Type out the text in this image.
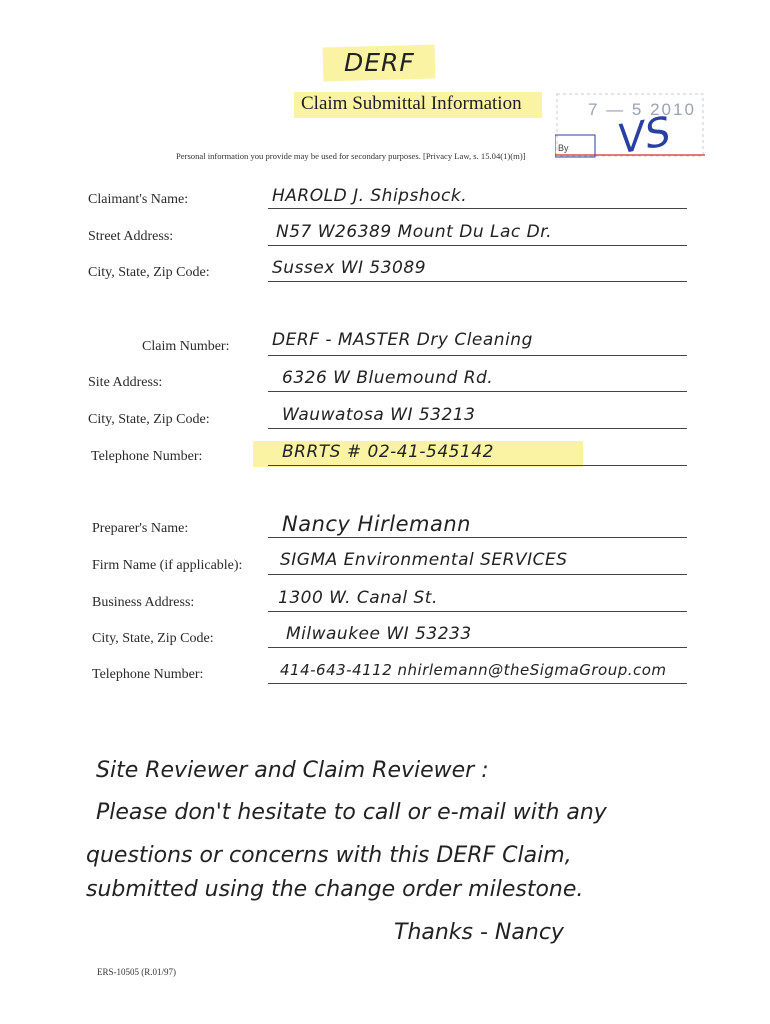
DERF
Claim Submittal Information
Personal information you provide may be used for secondary purposes. [Privacy Law, s. 15.04(1)(m)]
7 — 5 2010
VS
By
Claimant's Name:	HAROLD J. Shipshock.
Street Address:	N57 W26389 Mount Du Lac Dr.
City, State, Zip Code:	Sussex WI 53089
Claim Number:	DERF - MASTER Dry Cleaning
Site Address:	6326 W Bluemound Rd.
City, State, Zip Code:	Wauwatosa WI 53213
Telephone Number:	BRRTS # 02-41-545142
Preparer's Name:	Nancy Hirlemann
Firm Name (if applicable): SIGMA Environmental SERVICES
Business Address:	1300 W. Canal St.
City, State, Zip Code:	Milwaukee WI 53233
Telephone Number:	414-643-4112 nhirlemann@theSigmaGroup.com
Site Reviewer and Claim Reviewer :
Please don't hesitate to call or e-mail with any
questions or concerns with this DERF Claim,
submitted using the change order milestone.
Thanks - Nancy
ERS-10505 (R.01/97)
